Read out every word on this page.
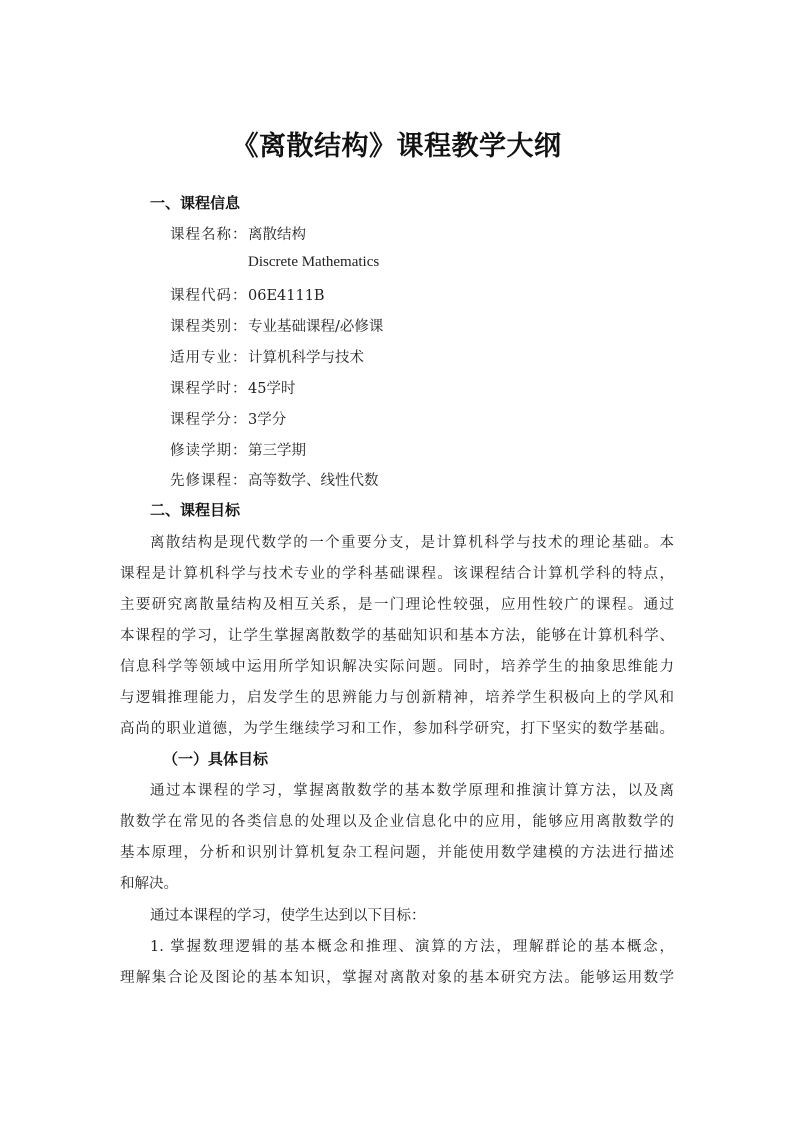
《离散结构》课程教学大纲
一、课程信息
课程名称：离散结构
Discrete Mathematics
课程代码：06E4111B
课程类别：专业基础课程/必修课
适用专业：计算机科学与技术
课程学时：45学时
课程学分：3学分
修读学期：第三学期
先修课程：高等数学、线性代数
二、课程目标
离散结构是现代数学的一个重要分支，是计算机科学与技术的理论基础。本
课程是计算机科学与技术专业的学科基础课程。该课程结合计算机学科的特点，
主要研究离散量结构及相互关系，是一门理论性较强，应用性较广的课程。通过
本课程的学习，让学生掌握离散数学的基础知识和基本方法，能够在计算机科学、
信息科学等领域中运用所学知识解决实际问题。同时，培养学生的抽象思维能力
与逻辑推理能力，启发学生的思辨能力与创新精神，培养学生积极向上的学风和
高尚的职业道德，为学生继续学习和工作，参加科学研究，打下坚实的数学基础。
（一）具体目标
通过本课程的学习，掌握离散数学的基本数学原理和推演计算方法，以及离
散数学在常见的各类信息的处理以及企业信息化中的应用，能够应用离散数学的
基本原理，分析和识别计算机复杂工程问题，并能使用数学建模的方法进行描述
和解决。
通过本课程的学习，使学生达到以下目标：
1. 掌握数理逻辑的基本概念和推理、演算的方法，理解群论的基本概念，
理解集合论及图论的基本知识，掌握对离散对象的基本研究方法。能够运用数学
